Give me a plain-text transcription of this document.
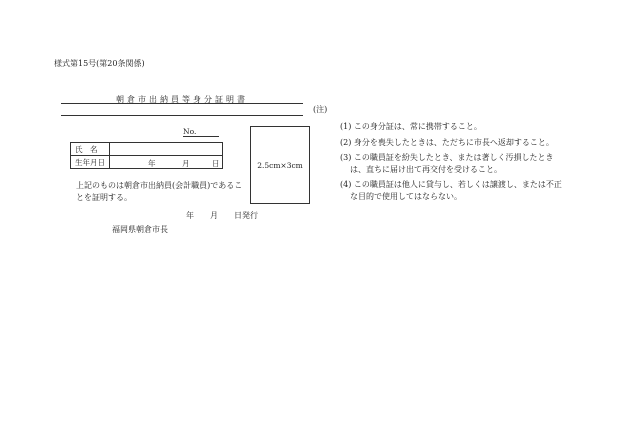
様式第15号(第20条関係)
朝倉市出納員等身分証明書
No.
氏　名	
生年月日	年 月 日	2.5cm×3cm
上記のものは朝倉市出納員(会計職員)であることを証明する。
年　　月　　日発行
福岡県朝倉市長
(注)
(1) この身分証は、常に携帯すること。
(2) 身分を喪失したときは、ただちに市長へ返却すること。
(3) この職員証を紛失したとき、または著しく汚損したときは、直ちに届け出て再交付を受けること。
(4) この職員証は他人に貸与し、若しくは譲渡し、または不正な目的で使用してはならない。
